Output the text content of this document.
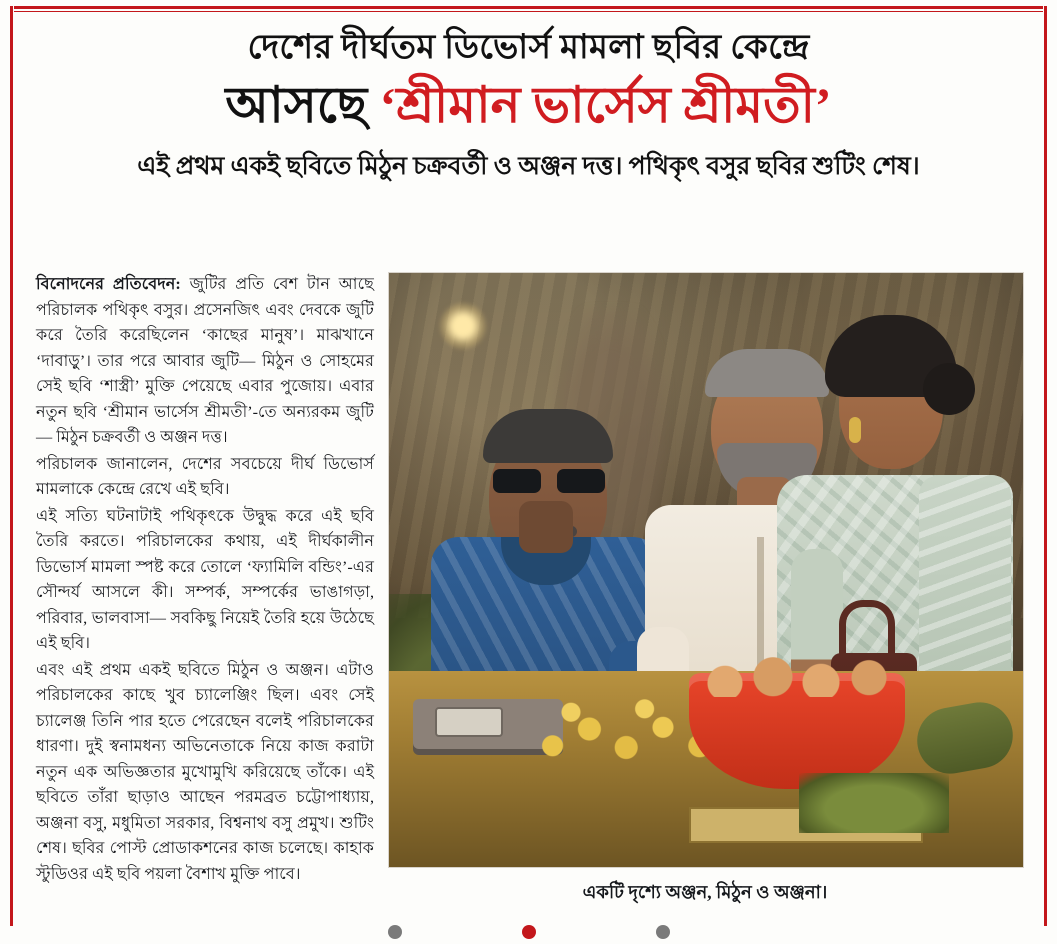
দেশের দীর্ঘতম ডিভোর্স মামলা ছবির কেন্দ্রে
আসছে ‘শ্রীমান ভার্সেস শ্রীমতী’
এই প্রথম একই ছবিতে মিঠুন চক্রবর্তী ও অঞ্জন দত্ত। পথিকৃৎ বসুর ছবির শুটিং শেষ।

বিনোদনের প্রতিবেদন: জুটির প্রতি বেশ টান আছে পরিচালক পথিকৃৎ বসুর। প্রসেনজিৎ এবং দেবকে জুটি করে তৈরি করেছিলেন ‘কাছের মানুষ’। মাঝখানে ‘দাবাড়ু’। তার পরে আবার জুটি— মিঠুন ও সোহমের সেই ছবি ‘শাস্ত্রী’ মুক্তি পেয়েছে এবার পুজোয়। এবার নতুন ছবি ‘শ্রীমান ভার্সেস শ্রীমতী’-তে অন্যরকম জুটি— মিঠুন চক্রবর্তী ও অঞ্জন দত্ত।

পরিচালক জানালেন, দেশের সবচেয়ে দীর্ঘ ডিভোর্স মামলাকে কেন্দ্রে রেখে এই ছবি।

এই সত্যি ঘটনাটাই পথিকৃৎকে উদ্বুদ্ধ করে এই ছবি তৈরি করতে। পরিচালকের কথায়, এই দীর্ঘকালীন ডিভোর্স মামলা স্পষ্ট করে তোলে ‘ফ্যামিলি বন্ডিং’-এর সৌন্দর্য আসলে কী। সম্পর্ক, সম্পর্কের ভাঙাগড়া, পরিবার, ভালবাসা— সবকিছু নিয়েই তৈরি হয়ে উঠেছে এই ছবি।

এবং এই প্রথম একই ছবিতে মিঠুন ও অঞ্জন। এটাও পরিচালকের কাছে খুব চ্যালেঞ্জিং ছিল। এবং সেই চ্যালেঞ্জ তিনি পার হতে পেরেছেন বলেই পরিচালকের ধারণা। দুই স্বনামধন্য অভিনেতাকে নিয়ে কাজ করাটা নতুন এক অভিজ্ঞতার মুখোমুখি করিয়েছে তাঁকে। এই ছবিতে তাঁরা ছাড়াও আছেন পরমব্রত চট্টোপাধ্যায়, অঞ্জনা বসু, মধুমিতা সরকার, বিশ্বনাথ বসু প্রমুখ। শুটিং শেষ। ছবির পোস্ট প্রোডাকশনের কাজ চলেছে। কাহাক স্টুডিওর এই ছবি পয়লা বৈশাখ মুক্তি পাবে।

একটি দৃশ্যে অঞ্জন, মিঠুন ও অঞ্জনা।
